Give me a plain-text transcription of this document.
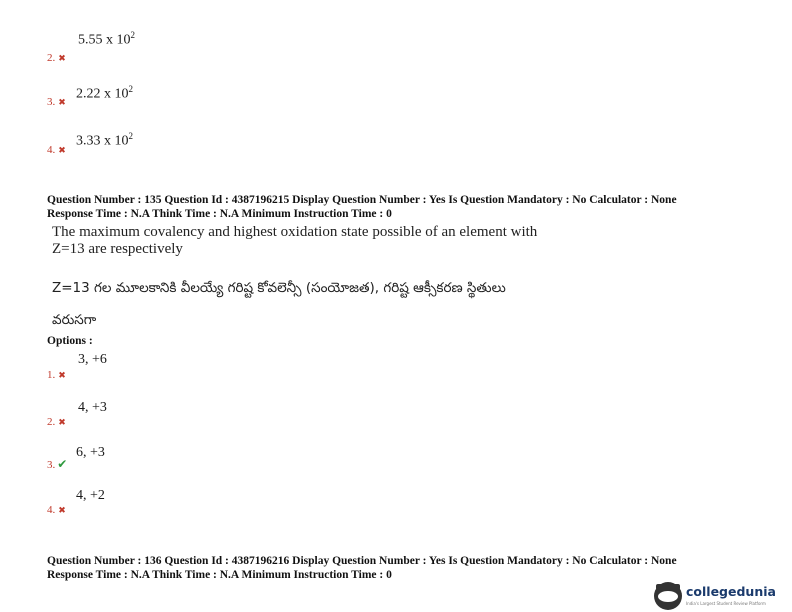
5.55 x $10^2$
2. ✖
2.22 x $10^2$
3. ✖
3.33 x $10^2$
4. ✖
Question Number : 135 Question Id : 4387196215 Display Question Number : Yes Is Question Mandatory : No Calculator : None
Response Time : N.A Think Time : N.A Minimum Instruction Time : 0
The maximum covalency and highest oxidation state possible of an element with
Z=13 are respectively
Z=13 గల మూలకానికి వీలయ్యే గరిష్ట కోవలెన్సీ (సంయోజత), గరిష్ట ఆక్సీకరణ స్థితులు
వరుసగా
Options :
3, +6
1. ✖
4, +3
2. ✖
6, +3
3. ✔
4, +2
4. ✖
Question Number : 136 Question Id : 4387196216 Display Question Number : Yes Is Question Mandatory : No Calculator : None
Response Time : N.A Think Time : N.A Minimum Instruction Time : 0
collegedunia
India's Largest Student Review Platform
